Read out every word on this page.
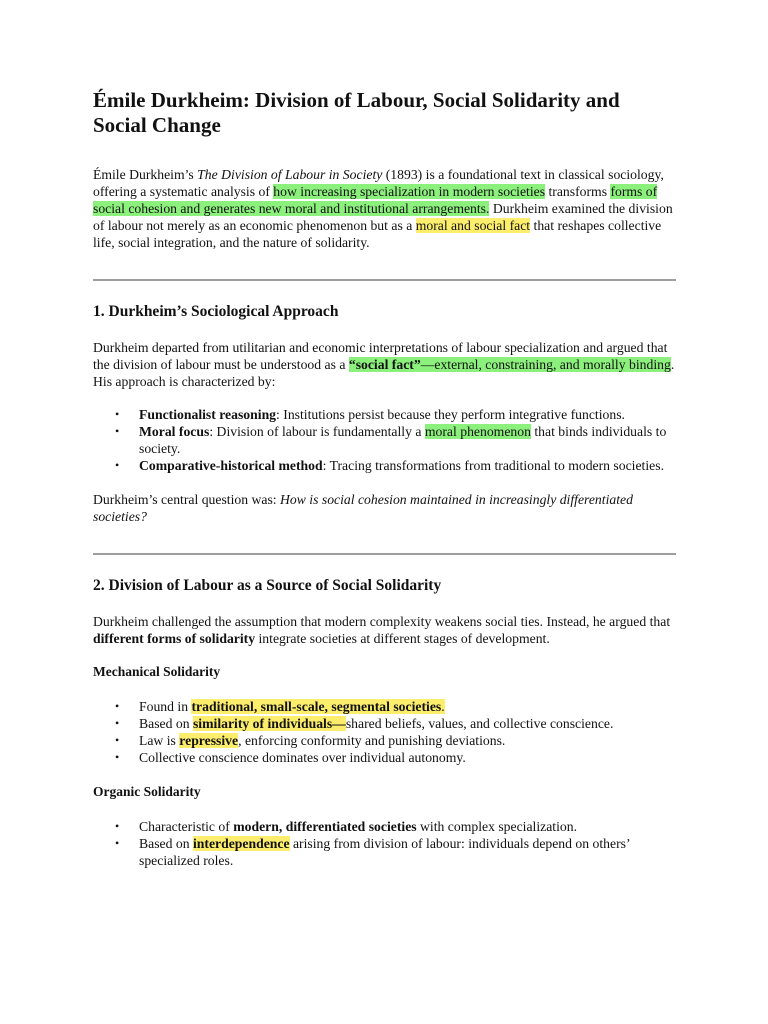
Émile Durkheim: Division of Labour, Social Solidarity and Social Change

Émile Durkheim’s The Division of Labour in Society (1893) is a foundational text in classical sociology, offering a systematic analysis of how increasing specialization in modern societies transforms forms of social cohesion and generates new moral and institutional arrangements. Durkheim examined the division of labour not merely as an economic phenomenon but as a moral and social fact that reshapes collective life, social integration, and the nature of solidarity.

1. Durkheim’s Sociological Approach

Durkheim departed from utilitarian and economic interpretations of labour specialization and argued that the division of labour must be understood as a “social fact”—external, constraining, and morally binding. His approach is characterized by:

• Functionalist reasoning: Institutions persist because they perform integrative functions.
• Moral focus: Division of labour is fundamentally a moral phenomenon that binds individuals to society.
• Comparative-historical method: Tracing transformations from traditional to modern societies.

Durkheim’s central question was: How is social cohesion maintained in increasingly differentiated societies?

2. Division of Labour as a Source of Social Solidarity

Durkheim challenged the assumption that modern complexity weakens social ties. Instead, he argued that different forms of solidarity integrate societies at different stages of development.

Mechanical Solidarity
• Found in traditional, small-scale, segmental societies.
• Based on similarity of individuals—shared beliefs, values, and collective conscience.
• Law is repressive, enforcing conformity and punishing deviations.
• Collective conscience dominates over individual autonomy.
Organic Solidarity
• Characteristic of modern, differentiated societies with complex specialization.
• Based on interdependence arising from division of labour: individuals depend on others’ specialized roles.
